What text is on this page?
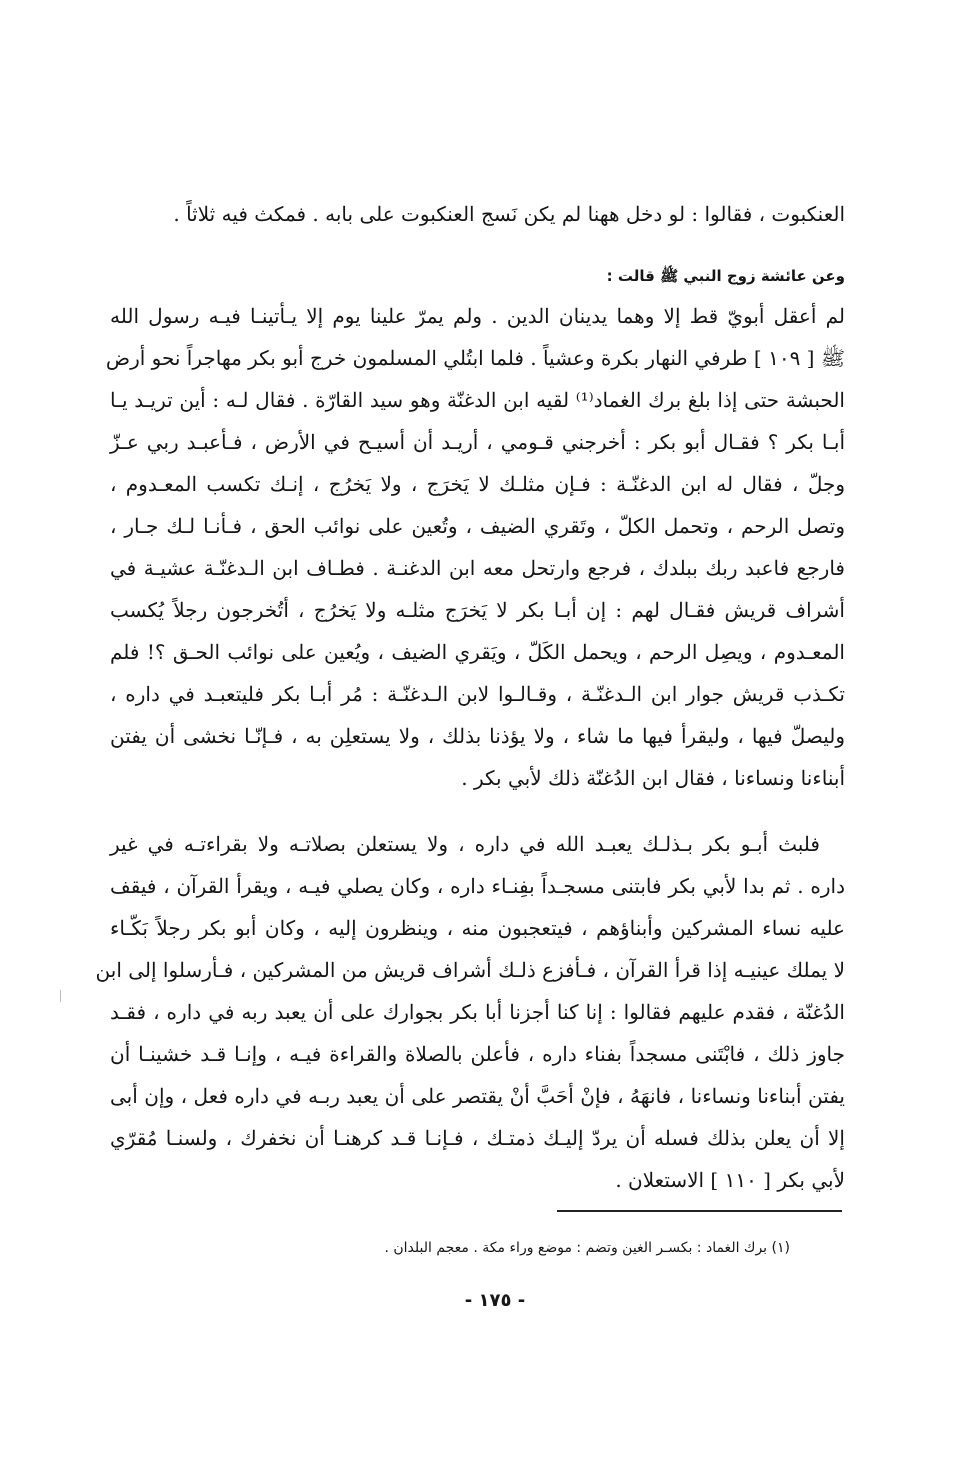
العنكبوت ، فقالوا : لو دخل ههنا لم يكن نَسج العنكبوت على بابه . فمكث فيه ثلاثاً .
وعن عائشة زوج النبي ﷺ قالت :
لم أعقل أبويّ قط إلا وهما يدينان الدين . ولم يمرّ علينا يوم إلا يـأتينـا فيـه رسول الله
ﷺ [ ١٠٩ ] طرفي النهار بكرة وعشياً . فلما ابتُلي المسلمون خرج أبو بكر مهاجراً نحو أرض
الحبشة حتى إذا بلغ برك الغماد⁽¹⁾ لقيه ابن الدغنّة وهو سيد القارّة . فقال لـه : أين تريـد يـا
أبـا بكر ؟ فقـال أبو بكر : أخرجني قـومي ، أريـد أن أسيـح في الأرض ، فـأعبـد ربي عـزّ
وجلّ ، فقال له ابن الدغنّـة : فـإن مثلـك لا يَخرَج ، ولا يَخرُج ، إنـك تكسب المعـدوم ،
وتصل الرحم ، وتحمل الكلّ ، وتَقري الضيف ، وتُعين على نوائب الحق ، فـأنـا لـك جـار ،
فارجع فاعبد ربك ببلدك ، فرجع وارتحل معه ابن الدغنـة . فطـاف ابن الـدغنّـة عشيـة في
أشراف قريش فقـال لهم : إن أبـا بكر لا يَخرَج مثلـه ولا يَخرُج ، أتُخرجون رجلاً يُكسب
المعـدوم ، ويصِل الرحم ، ويحمل الكَلّ ، ويَقري الضيف ، ويُعين على نوائب الحـق ؟! فلم
تكـذب قريش جوار ابن الـدغنّـة ، وقـالـوا لابن الـدغنّـة : مُر أبـا بكر فليتعبـد في داره ،
وليصلّ فيها ، وليقرأ فيها ما شاء ، ولا يؤذنا بذلك ، ولا يستعلِن به ، فـإنّـا نخشى أن يفتن
أبناءنا ونساءنا ، فقال ابن الدُغنّة ذلك لأبي بكر .
فلبث أبـو بكر بـذلـك يعبـد الله في داره ، ولا يستعلن بصلاتـه ولا بقراءتـه في غير
داره . ثم بدا لأبي بكر فابتنى مسجـداً بفِنـاء داره ، وكان يصلي فيـه ، ويقرأ القرآن ، فيقف
عليه نساء المشركين وأبناؤهم ، فيتعجبون منه ، وينظرون إليه ، وكان أبو بكر رجلاً بَكّـاء
لا يملك عينيـه إذا قرأ القرآن ، فـأفزع ذلـك أشراف قريش من المشركين ، فـأرسلوا إلى ابن
الدُغنّة ، فقدم عليهم فقالوا : إنا كنا أجزنا أبا بكر بجوارك على أن يعبد ربه في داره ، فقـد
جاوز ذلك ، فابْتَنى مسجداً بفناء داره ، فأعلن بالصلاة والقراءة فيـه ، وإنـا قـد خشينـا أن
يفتن أبناءنا ونساءنا ، فانهَهُ ، فإنْ أحَبَّ أنْ يقتصر على أن يعبد ربـه في داره فعل ، وإن أبى
إلا أن يعلن بذلك فسله أن يردّ إليـك ذمتـك ، فـإنـا قـد كرهنـا أن نخفرك ، ولسنـا مُقرّي
لأبي بكر [ ١١٠ ] الاستعلان .
(١) برك الغماد : بكسـر الغين وتضم : موضع وراء مكة . معجم البلدان .
- ١٧٥ -
